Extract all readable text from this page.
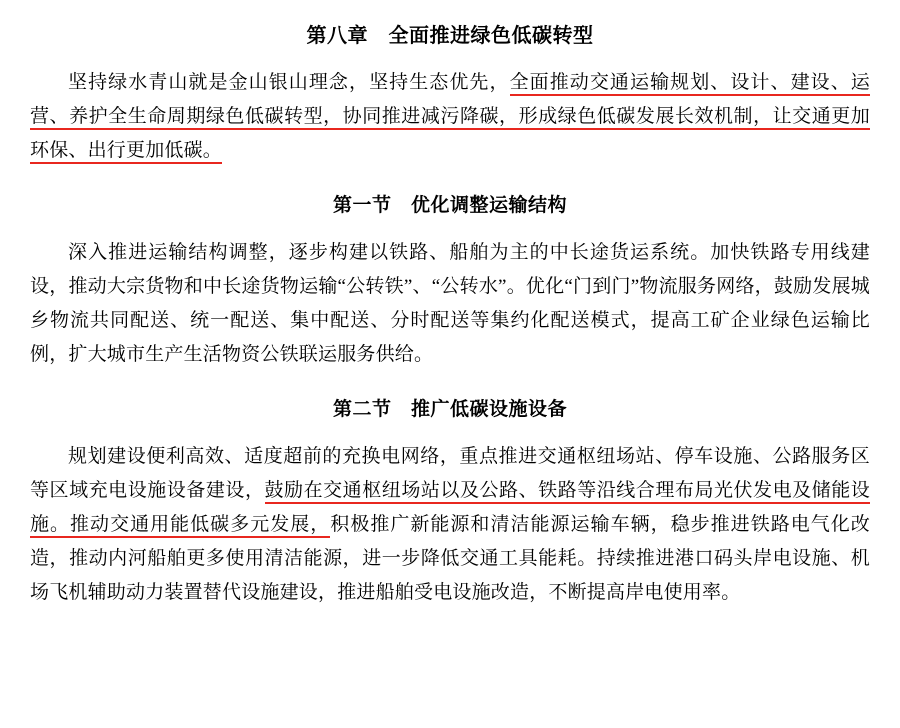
第八章　全面推进绿色低碳转型

坚持绿水青山就是金山银山理念，坚持生态优先，全面推动交通运输规划、设计、建设、运营、养护全生命周期绿色低碳转型，协同推进减污降碳，形成绿色低碳发展长效机制，让交通更加环保、出行更加低碳。

第一节　优化调整运输结构

深入推进运输结构调整，逐步构建以铁路、船舶为主的中长途货运系统。加快铁路专用线建设，推动大宗货物和中长途货物运输“公转铁”、“公转水”。优化“门到门”物流服务网络，鼓励发展城乡物流共同配送、统一配送、集中配送、分时配送等集约化配送模式，提高工矿企业绿色运输比例，扩大城市生产生活物资公铁联运服务供给。

第二节　推广低碳设施设备

规划建设便利高效、适度超前的充换电网络，重点推进交通枢纽场站、停车设施、公路服务区等区域充电设施设备建设，鼓励在交通枢纽场站以及公路、铁路等沿线合理布局光伏发电及储能设施。推动交通用能低碳多元发展，积极推广新能源和清洁能源运输车辆，稳步推进铁路电气化改造，推动内河船舶更多使用清洁能源，进一步降低交通工具能耗。持续推进港口码头岸电设施、机场飞机辅助动力装置替代设施建设，推进船舶受电设施改造，不断提高岸电使用率。
